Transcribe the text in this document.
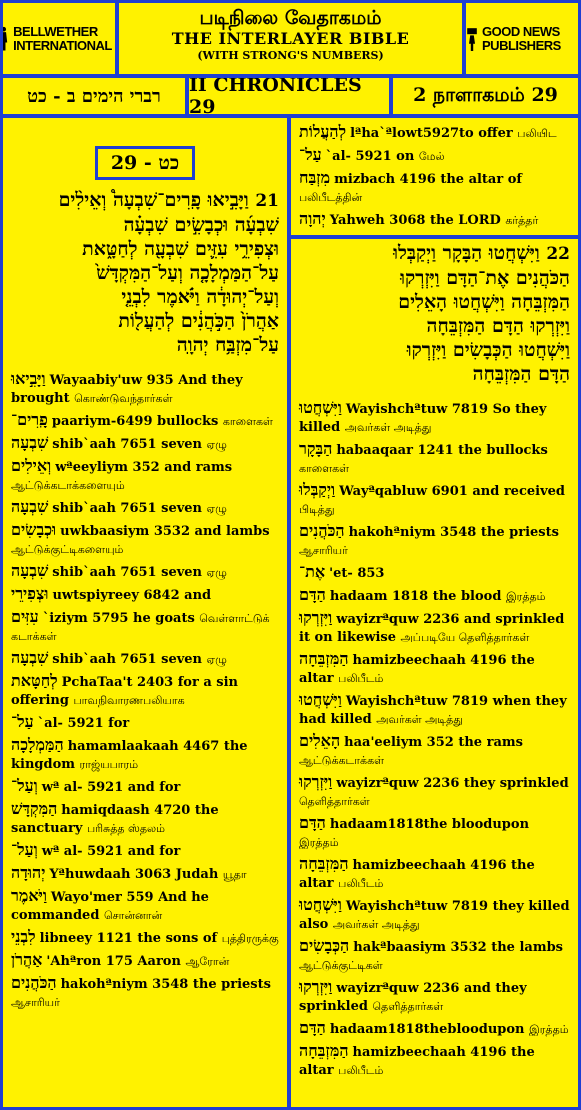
BELLWETHER INTERNATIONAL
படிநிலை வேதாகமம்
THE INTERLAYER BIBLE
(WITH STRONG'S NUMBERS)
GOOD NEWS PUBLISHERS
רברי הימים ב - כט	II CHRONICLES 29
2 நாளாகமம் 29
כט - 29
21 וַיָּבִ֣יאוּ פָֽרִים־שִׁבְעָה֩ וְאֵילִ֨ים
שִׁבְעָ֜ה וּכְבָשִׂ֣ים שִׁבְעָ֗ה
וּצְפִירֵ֥י עִזִּ֛ים שִׁבְעָ֖ה לְחַטָּ֑את
עַל־הַמַּמְלָכָ֤ה וְעַל־הַמִּקְדָּשׁ֙
וְעַל־יְהוּדָ֔ה וַיֹּ֗אמֶר לִבְנֵ֤י
אַהֲרֹן֙ הַכֹּ֣הֲנִ֔ים לְהַעֲל֖וֹת
עַל־מִזְבַּ֥ח יְהוָֽה
וַיָּבִ֣יאוּ Wayaabiy'uw 935 And they brought கொண்டுவந்தார்கள்
פָֽרִים־ paariym-6499 bullocks காளைகள்
שִׁבְעָה shib`aah 7651 seven ஏழு
וְאֵילִים wªeeyliym 352 and rams ஆட்டுக்கடாக்களையும்
שִׁבְעָה shib`aah 7651 seven ஏழு
וּכְבָשִׂים uwkbaasiym 3532 and lambs ஆட்டுக்குட்டிகளையும்
שִׁבְעָה shib`aah 7651 seven ஏழு
וּצְפִירֵי uwtspiyreey 6842 and
עִזִּים `iziym 5795 he goats வெள்ளாட்டுக் கடாக்கள்
שִׁבְעָה shib`aah 7651 seven ஏழு
לְחַטָּאת PchaTaa't 2403 for a sin offering பாவநிவாரணபலியாக
עַל־ `al- 5921 for
הַמַּמְלָכָה hamamlaakaah 4467 the kingdom ராஜ்யபாரம்
וְעַל־ wª al- 5921 and for
הַמִּקְדָּשׁ hamiqdaash 4720 the sanctuary பரிசுத்த ஸ்தலம்
וְעַל־ wª al- 5921 and for
יְהוּדָה Yªhuwdaah 3063 Judah யூதா
וַיֹּאמֶר Wayo'mer 559 And he commanded சொன்னான்
לִבְנֵי libneey 1121 the sons of புத்திரருக்கு
אַהֲרֹן 'Ahªron 175 Aaron ஆரோன்
הַכֹּהֲנִים hakohªniym 3548 the priests ஆசாரியர்
לְהַעֲלוֹת lªha`ªlowt5927to offer பலியிட
עַל־ `al- 5921 on மேல்
מִזְבַּח mizbach 4196 the altar of பலிபீடத்தின்
יְהוָה Yahweh 3068 the LORD கர்த்தர்
22 וַיִּשְׁחֲטוּ הַבָּקָר וַיְקַבְּלוּ
הַכֹּהֲנִים אֶת־הַדָּם וַיִּזְרְקוּ
הַמִּזְבֵּחָה וַיִּשְׁחֲטוּ הָאֵלִים
וַיִּזְרְקוּ הַדָּם הַמִּזְבֵּחָה
וַיִּשְׁחֲטוּ הַכְּבָשִׂים וַיִּזְרְקוּ
הַדָּם הַמִּזְבֵּחָה
וַיִּשְׁחֲטוּ Wayishchªtuw 7819 So they killed அவர்கள் அடித்து
הַבָּקָר habaaqaar 1241 the bullocks காளைகள்
וַיְקַבְּלוּ Wayªqabluw 6901 and received பிடித்து
הַכֹּהֲנִים hakohªniym 3548 the priests ஆசாரியர்
אֶת־ 'et- 853
הַדָּם hadaam 1818 the blood இரத்தம்
וַיִּזְרְקוּ wayizrªquw 2236 and sprinkled it on likewise அப்படியே தெளித்தார்கள்
הַמִּזְבֵּחָה hamizbeechaah 4196 the altar பலிபீடம்
וַיִּשְׁחֲטוּ Wayishchªtuw 7819 when they had killed அவர்கள் அடித்து
הָאֵלִים haa'eeliym 352 the rams ஆட்டுக்கடாக்கள்
וַיִּזְרְקוּ wayizrªquw 2236 they sprinkled தெளித்தார்கள்
הַדָּם hadaam1818the bloodupon இரத்தம்
הַמִּזְבֵּחָה hamizbeechaah 4196 the altar பலிபீடம்
וַיִּשְׁחֲטוּ Wayishchªtuw 7819 they killed also அவர்கள் அடித்து
הַכְּבָשִׂים hakªbaasiym 3532 the lambs ஆட்டுக்குட்டிகள்
וַיִּזְרְקוּ wayizrªquw 2236 and they sprinkled தெளித்தார்கள்
הַדָּם hadaam1818thebloodupon இரத்தம்
הַמִּזְבֵּחָה hamizbeechaah 4196 the altar பலிபீடம்
